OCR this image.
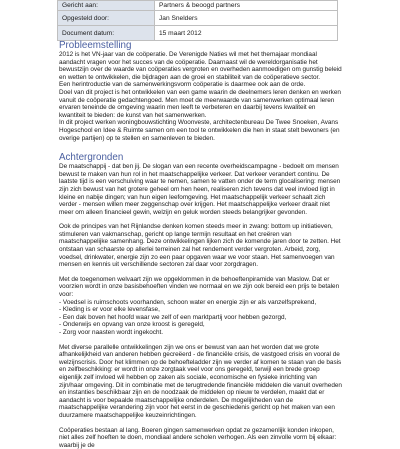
Gericht aan:	Partners & beoogd partners
Opgesteld door:	Jan Snelders
Document datum:	15 maart 2012
Probleemstelling

2012 is het VN-jaar van de coöperatie. De Verenigde Naties wil met het themajaar mondiaal aandacht vragen voor het succes van de coöperatie. Daarnaast wil de wereldorganisatie het bewustzijn over de waarde van coöperaties vergroten en overheden aanmoedigen om gunstig beleid en wetten te ontwikkelen, die bijdragen aan de groei en stabiliteit van de coöperatieve sector.

Een herintroductie van de samenwerkingsvorm coöperatie is daarmee ook aan de orde.

Doel van dit project is het ontwikkelen van een game waarin de deelnemers leren denken en werken vanuit de coöperatie gedachtengoed. Men moet de meerwaarde van samenwerken optimaal leren ervaren teneinde de omgeving waarin men leeft te verbeteren en daarbij tevens kwaliteit en kwantiteit te bieden: de kunst van het samenwerken.

In dit project werken woningbouwstichting Woonveste, architectenbureau De Twee Snoeken, Avans Hogeschool en Idee & Ruimte samen om een tool te ontwikkelen die hen in staat stelt bewoners (en overige partijen) op te stellen en samenleven te bieden.

Achtergronden

De maatschappij - dat ben jij. De slogan van een recente overheidscampagne - bedoelt om mensen bewust te maken van hun rol in het maatschappelijke verkeer. Dat verkeer verandert continu. De laatste tijd is een verschuiving waar te nemen, samen te vatten onder de term glocalisering: mensen zijn zich bewust van het grotere geheel om hen heen, realiseren zich tevens dat veel invloed ligt in kleine en nabije dingen; van hun eigen leefomgeving. Het maatschappelijk verkeer schaalt zich verder - mensen willen meer zeggenschap over krijgen. Het maatschappelijke verkeer draait niet meer om alleen financieel gewin, welzijn en geluk worden steeds belangrijker gevonden.

Ook de principes van het Rijnlandse denken komen steeds meer in zwang: bottom up initiatieven, stimuleren van vakmanschap, gericht op lange termijn resultaat en het creëren van maatschappelijke samenhang. Deze ontwikkelingen lijken zich de komende jaren door te zetten. Het ontstaan van schaarste op allerlei terreinen zal het rendement verder vergroten. Arbeid, zorg, voedsel, drinkwater, energie zijn zo een paar opgaven waar we voor staan. Het samenvoegen van mensen en kennis uit verschillende sectoren zal daar voor zorgdragen.

Met de toegenomen welvaart zijn we opgeklommen in de behoeftenpiramide van Maslow. Dat er voorzien wordt in onze basisbehoeften vinden we normaal en we zijn ook bereid een prijs te betalen voor:

- Voedsel is ruimschoots voorhanden, schoon water en energie zijn er als vanzelfsprekend,
- Kleding is er voor elke levensfase,
- Een dak boven het hoofd waar we zelf of een marktpartij voor hebben gezorgd,
- Onderwijs en opvang van onze kroost is geregeld,
- Zorg voor naasten wordt ingekocht.

Met diverse parallelle ontwikkelingen zijn we ons er bewust van aan het worden dat we grote afhankelijkheid van anderen hebben gecreëerd - de financiële crisis, de vastgoed crisis en vooral de welzijnscrisis. Door het klimmen op de behoefteladder zijn we verder af komen te staan van de basis en zelfbeschikking: er wordt in onze zorgtaak veel voor ons geregeld, terwijl een brede groep eigenlijk zelf invloed wil hebben op zaken als sociale, economische en fysieke inrichting van zijn/haar omgeving. Dit in combinatie met de terugtredende financiële middelen die vanuit overheden en instanties beschikbaar zijn en de noodzaak de middelen op nieuw te verdelen, maakt dat er aandacht is voor bepaalde maatschappelijke onderdelen. De mogelijkheden van de maatschappelijke verandering zijn voor het eerst in de geschiedenis gericht op het maken van een duurzamere maatschappelijke keuzeinrichtingen.

Coöperaties bestaan al lang. Boeren gingen samenwerken opdat ze gezamenlijk konden inkopen, niet alles zelf hoeften te doen, mondiaal andere scholen verhogen. Als een zinvolle vorm bij elkaar: waarbij je de
